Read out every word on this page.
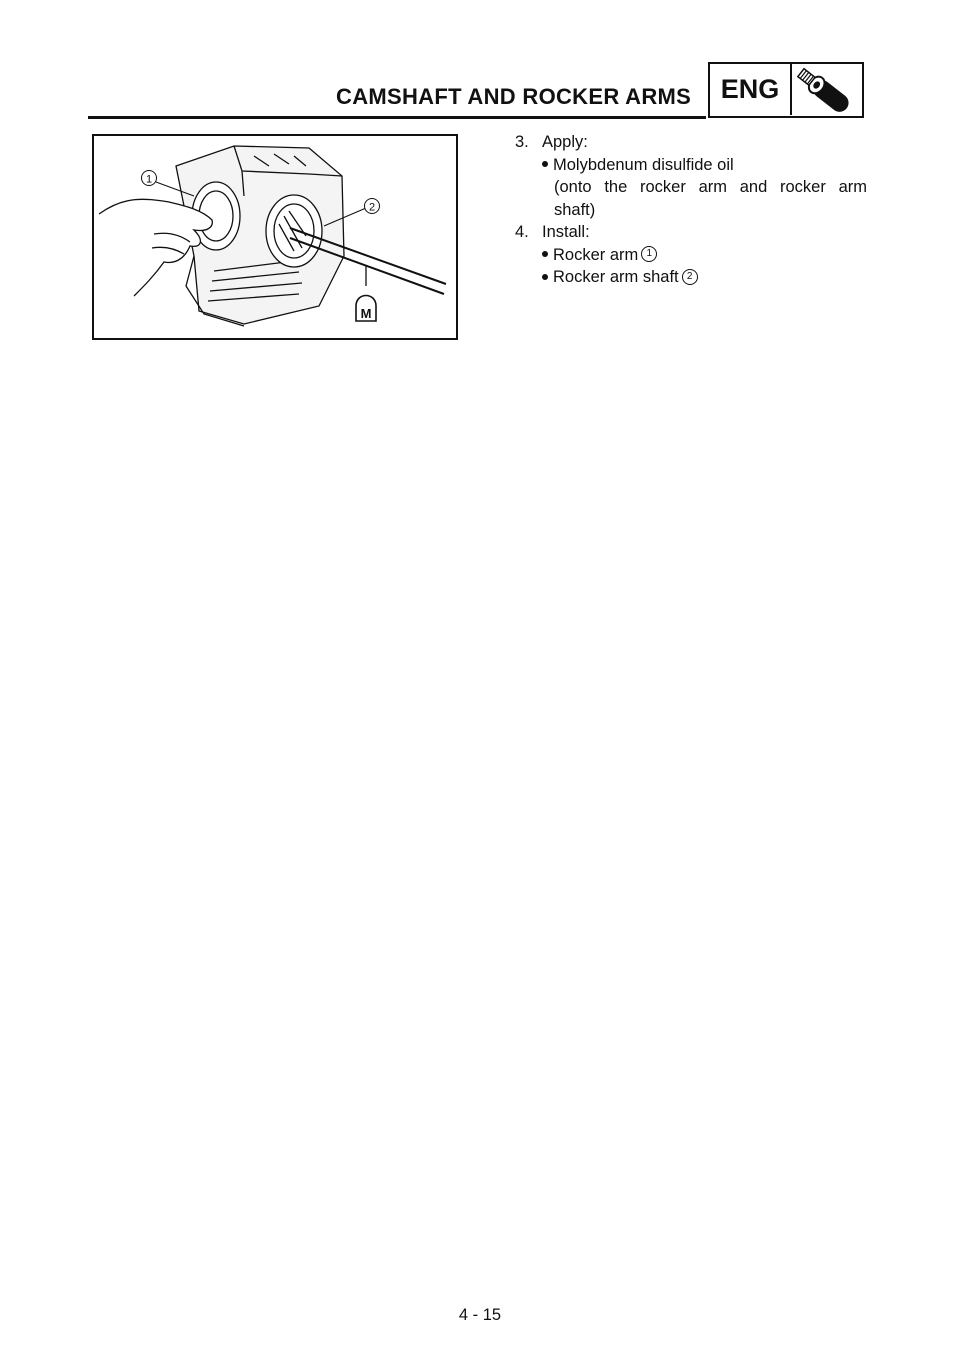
CAMSHAFT AND ROCKER ARMS	ENG
M
1
2
3. Apply:
Molybdenum disulfide oil
(onto the rocker arm and rocker arm
shaft)
4. Install:
Rocker arm 1
Rocker arm shaft 2
4 - 15
